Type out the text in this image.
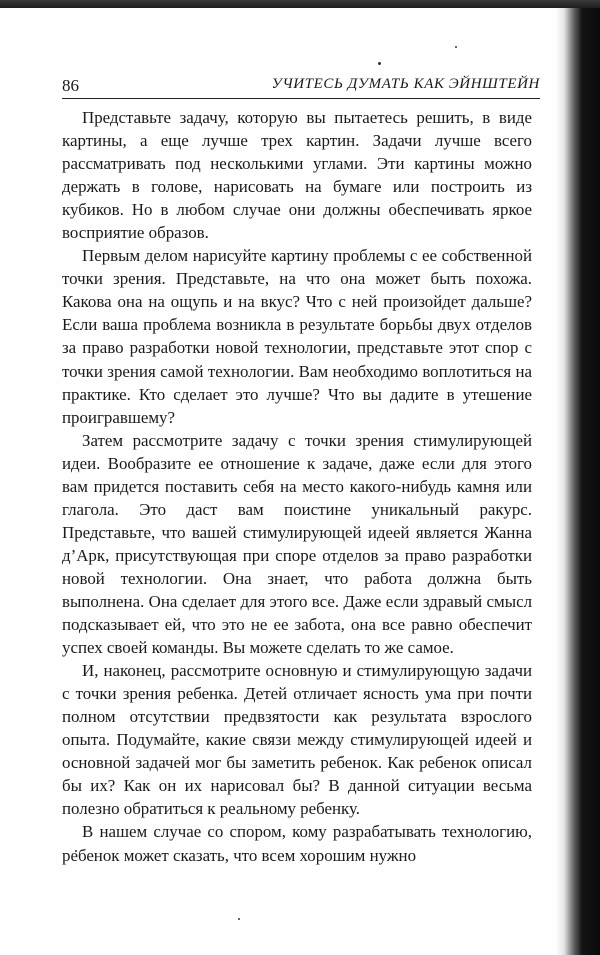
86	УЧИТЕСЬ ДУМАТЬ КАК ЭЙНШТЕЙН

Представьте задачу, которую вы пытаетесь решить, в виде картины, а еще лучше трех картин. Задачи лучше всего рассматривать под несколькими углами. Эти картины можно держать в голове, нарисовать на бумаге или построить из кубиков. Но в любом случае они должны обеспечивать яркое восприятие образов.

Первым делом нарисуйте картину проблемы с ее собственной точки зрения. Представьте, на что она может быть похожа. Какова она на ощупь и на вкус? Что с ней произойдет дальше? Если ваша проблема возникла в результате борьбы двух отделов за право разработки новой технологии, представьте этот спор с точки зрения самой технологии. Вам необходимо воплотиться на практике. Кто сделает это лучше? Что вы дадите в утешение проигравшему?

Затем рассмотрите задачу с точки зрения стимулирующей идеи. Вообразите ее отношение к задаче, даже если для этого вам придется поставить себя на место какого-нибудь камня или глагола. Это даст вам поистине уникальный ракурс. Представьте, что вашей стимулирующей идеей является Жанна д’Арк, присутствующая при споре отделов за право разработки новой технологии. Она знает, что работа должна быть выполнена. Она сделает для этого все. Даже если здравый смысл подсказывает ей, что это не ее забота, она все равно обеспечит успех своей команды. Вы можете сделать то же самое.

И, наконец, рассмотрите основную и стимулирующую задачи с точки зрения ребенка. Детей отличает ясность ума при почти полном отсутствии предвзятости как результата взрослого опыта. Подумайте, какие связи между стимулирующей идеей и основной задачей мог бы заметить ребенок. Как ребенок описал бы их? Как он их нарисовал бы? В данной ситуации весьма полезно обратиться к реальному ребенку.

В нашем случае со спором, кому разрабатывать технологию, ребенок может сказать, что всем хорошим нужно
